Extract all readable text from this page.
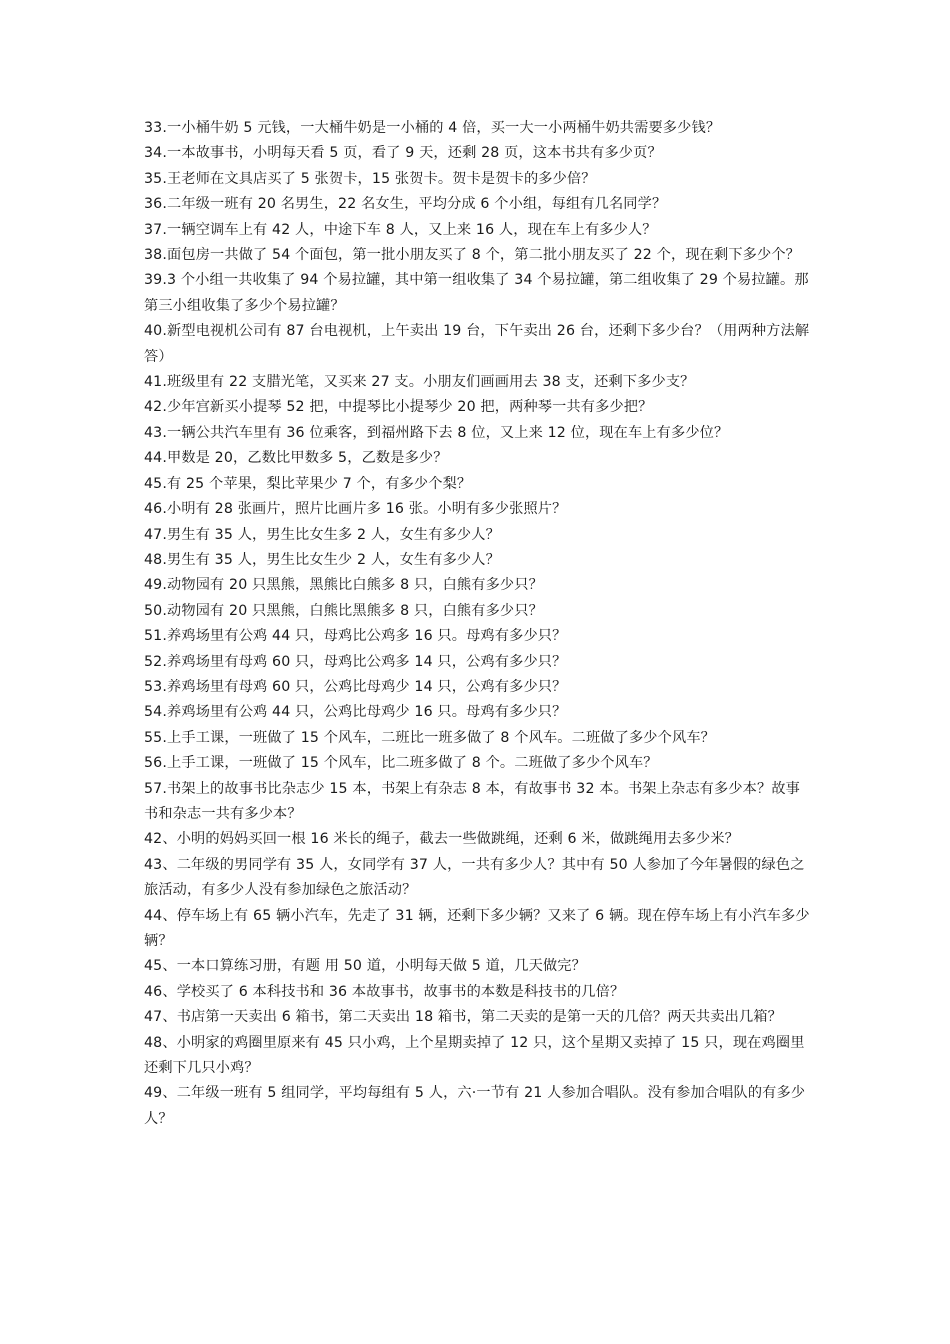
33.一小桶牛奶 5 元钱，一大桶牛奶是一小桶的 4 倍，买一大一小两桶牛奶共需要多少钱？

34.一本故事书，小明每天看 5 页，看了 9 天，还剩 28 页，这本书共有多少页？

35.王老师在文具店买了 5 张贺卡，15 张贺卡。贺卡是贺卡的多少倍？

36.二年级一班有 20 名男生，22 名女生，平均分成 6 个小组，每组有几名同学？

37.一辆空调车上有 42 人，中途下车 8 人，又上来 16 人，现在车上有多少人？

38.面包房一共做了 54 个面包，第一批小朋友买了 8 个，第二批小朋友买了 22 个，现在剩下多少个？

39.3 个小组一共收集了 94 个易拉罐，其中第一组收集了 34 个易拉罐，第二组收集了 29 个易拉罐。那第三小组收集了多少个易拉罐？

40.新型电视机公司有 87 台电视机，上午卖出 19 台，下午卖出 26 台，还剩下多少台？（用两种方法解答）

41.班级里有 22 支腊光笔，又买来 27 支。小朋友们画画用去 38 支，还剩下多少支？

42.少年宫新买小提琴 52 把，中提琴比小提琴少 20 把，两种琴一共有多少把？

43.一辆公共汽车里有 36 位乘客，到福州路下去 8 位，又上来 12 位，现在车上有多少位？

44.甲数是 20，乙数比甲数多 5，乙数是多少？

45.有 25 个苹果，梨比苹果少 7 个，有多少个梨？

46.小明有 28 张画片，照片比画片多 16 张。小明有多少张照片？

47.男生有 35 人，男生比女生多 2 人，女生有多少人？

48.男生有 35 人，男生比女生少 2 人，女生有多少人？

49.动物园有 20 只黑熊，黑熊比白熊多 8 只，白熊有多少只？

50.动物园有 20 只黑熊，白熊比黑熊多 8 只，白熊有多少只？

51.养鸡场里有公鸡 44 只，母鸡比公鸡多 16 只。母鸡有多少只？

52.养鸡场里有母鸡 60 只，母鸡比公鸡多 14 只，公鸡有多少只？

53.养鸡场里有母鸡 60 只，公鸡比母鸡少 14 只，公鸡有多少只？

54.养鸡场里有公鸡 44 只，公鸡比母鸡少 16 只。母鸡有多少只？

55.上手工课，一班做了 15 个风车，二班比一班多做了 8 个风车。二班做了多少个风车？

56.上手工课，一班做了 15 个风车，比二班多做了 8 个。二班做了多少个风车？

57.书架上的故事书比杂志少 15 本，书架上有杂志 8 本，有故事书 32 本。书架上杂志有多少本？故事书和杂志一共有多少本？

42、小明的妈妈买回一根 16 米长的绳子，截去一些做跳绳，还剩 6 米，做跳绳用去多少米？

43、二年级的男同学有 35 人，女同学有 37 人，一共有多少人？其中有 50 人参加了今年暑假的绿色之旅活动，有多少人没有参加绿色之旅活动？

44、停车场上有 65 辆小汽车，先走了 31 辆，还剩下多少辆？又来了 6 辆。现在停车场上有小汽车多少辆？

45、一本口算练习册，有题 用 50 道，小明每天做 5 道，几天做完？

46、学校买了 6 本科技书和 36 本故事书，故事书的本数是科技书的几倍？

47、书店第一天卖出 6 箱书，第二天卖出 18 箱书，第二天卖的是第一天的几倍？两天共卖出几箱？

48、小明家的鸡圈里原来有 45 只小鸡，上个星期卖掉了 12 只，这个星期又卖掉了 15 只，现在鸡圈里还剩下几只小鸡？

49、二年级一班有 5 组同学，平均每组有 5 人，六·一节有 21 人参加合唱队。没有参加合唱队的有多少人？
